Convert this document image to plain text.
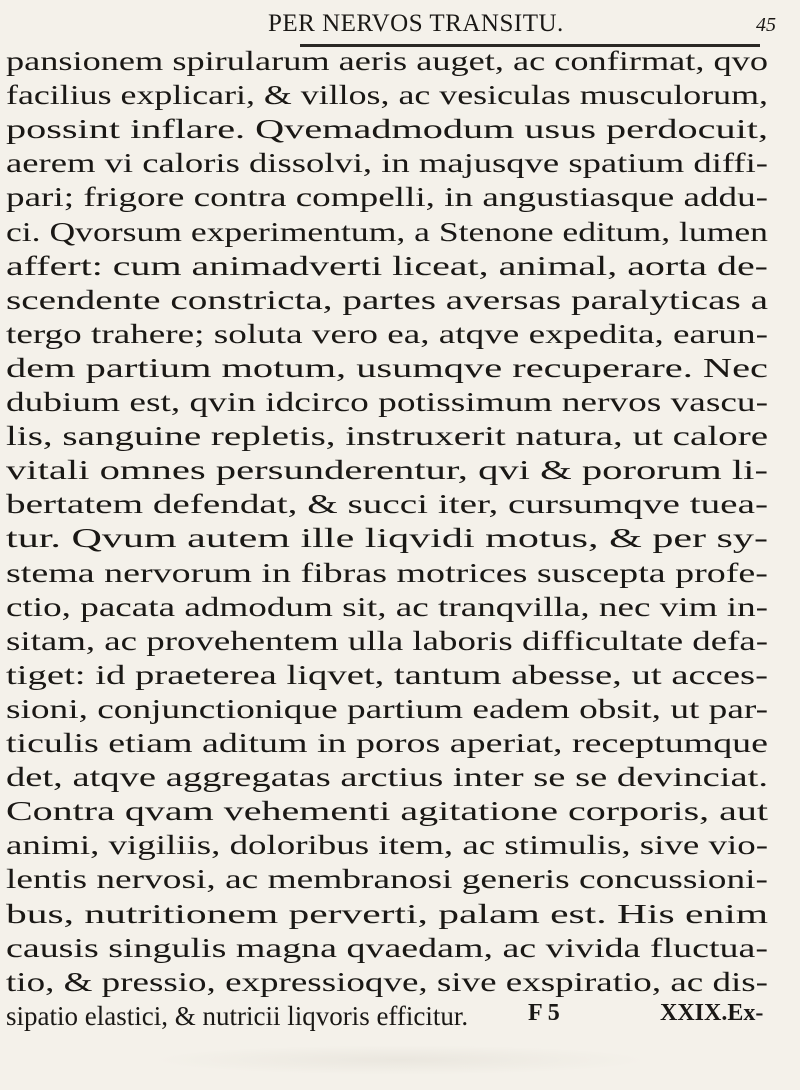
PER NERVOS TRANSITU.	45
pansionem spirularum aeris auget, ac confirmat, qvo
facilius explicari, & villos, ac vesiculas musculorum,
possint inflare. Qvemadmodum usus perdocuit,
aerem vi caloris dissolvi, in majusqve spatium diffi-
pari; frigore contra compelli, in angustiasque addu-
ci. Qvorsum experimentum, a Stenone editum, lumen
affert: cum animadverti liceat, animal, aorta de-
scendente constricta, partes aversas paralyticas a
tergo trahere; soluta vero ea, atqve expedita, earun-
dem partium motum, usumqve recuperare. Nec
dubium est, qvin idcirco potissimum nervos vascu-
lis, sanguine repletis, instruxerit natura, ut calore
vitali omnes persunderentur, qvi & pororum li-
bertatem defendat, & succi iter, cursumqve tuea-
tur. Qvum autem ille liqvidi motus, & per sy-
stema nervorum in fibras motrices suscepta profe-
ctio, pacata admodum sit, ac tranqvilla, nec vim in-
sitam, ac provehentem ulla laboris difficultate defa-
tiget: id praeterea liqvet, tantum abesse, ut acces-
sioni, conjunctionique partium eadem obsit, ut par-
ticulis etiam aditum in poros aperiat, receptumque
det, atqve aggregatas arctius inter se se devinciat.
Contra qvam vehementi agitatione corporis, aut
animi, vigiliis, doloribus item, ac stimulis, sive vio-
lentis nervosi, ac membranosi generis concussioni-
bus, nutritionem perverti, palam est. His enim
causis singulis magna qvaedam, ac vivida fluctua-
tio, & pressio, expressioqve, sive exspiratio, ac dis-
sipatio elastici, & nutricii liqvoris efficitur.	F 5	XXIX.Ex-
